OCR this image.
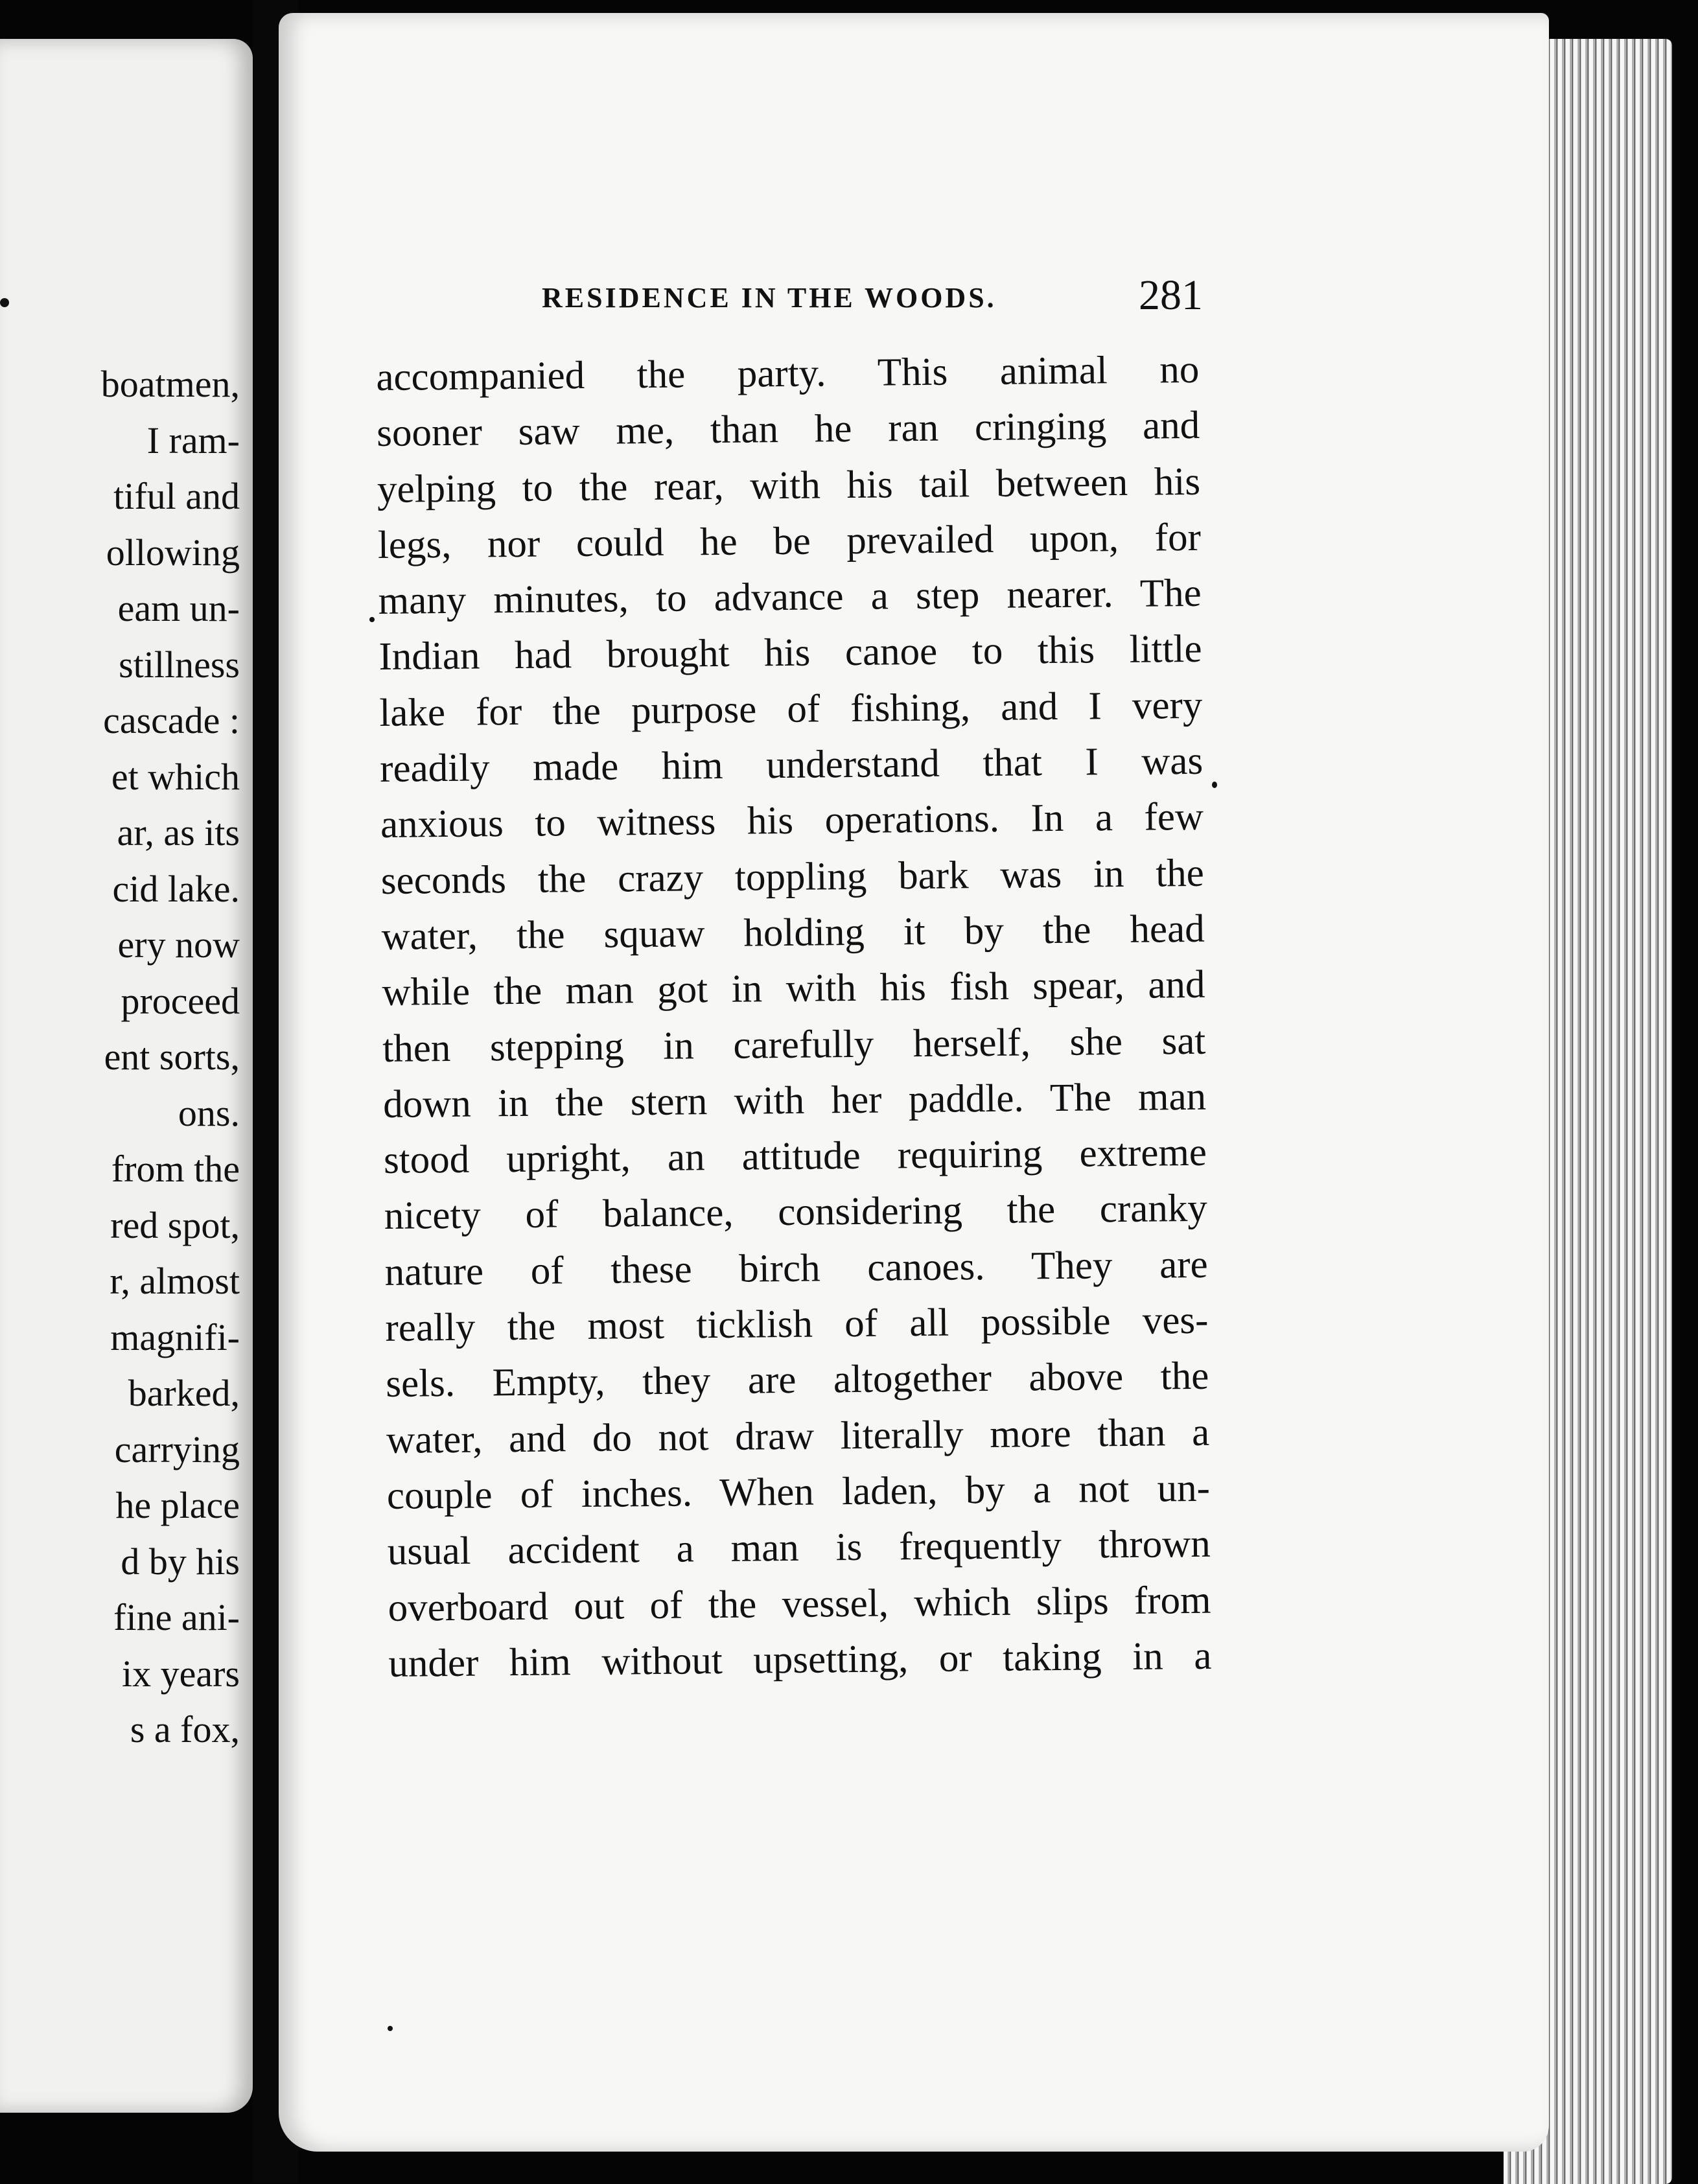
boatmen,
I ram-
tiful and
ollowing
eam un-
stillness
cascade :
et which
ar, as its
cid lake.
ery now
proceed
ent sorts,
ons.
from the
red spot,
r, almost
magnifi-
barked,
carrying
he place
d by his
fine ani-
ix years
s a fox,
RESIDENCE IN THE WOODS.	281
accompanied the party. This animal no
sooner saw me, than he ran cringing and
yelping to the rear, with his tail between his
legs, nor could he be prevailed upon, for
many minutes, to advance a step nearer. The
Indian had brought his canoe to this little
lake for the purpose of fishing, and I very
readily made him understand that I was
anxious to witness his operations. In a few
seconds the crazy toppling bark was in the
water, the squaw holding it by the head
while the man got in with his fish spear, and
then stepping in carefully herself, she sat
down in the stern with her paddle. The man
stood upright, an attitude requiring extreme
nicety of balance, considering the cranky
nature of these birch canoes. They are
really the most ticklish of all possible ves-
sels. Empty, they are altogether above the
water, and do not draw literally more than a
couple of inches. When laden, by a not un-
usual accident a man is frequently thrown
overboard out of the vessel, which slips from
under him without upsetting, or taking in a
